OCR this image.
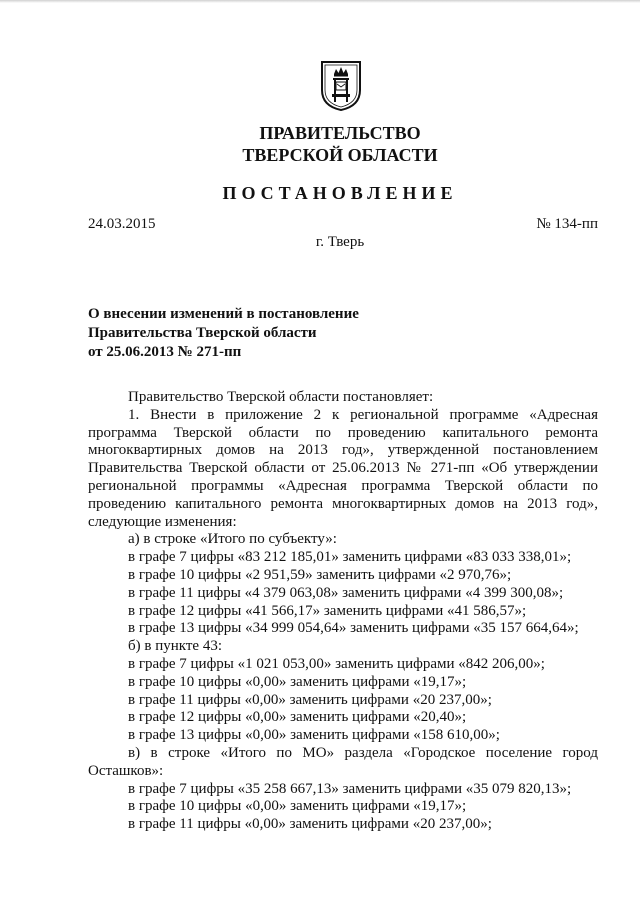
ПРАВИТЕЛЬСТВО
ТВЕРСКОЙ ОБЛАСТИ
ПОСТАНОВЛЕНИЕ
24.03.2015	№ 134-пп
г. Тверь
О внесении изменений в постановление
Правительства Тверской области
от 25.06.2013 № 271-пп
Правительство Тверской области постановляет:
1. Внести в приложение 2 к региональной программе «Адресная
программа Тверской области по проведению капитального ремонта
многоквартирных домов на 2013 год», утвержденной постановлением
Правительства Тверской области от 25.06.2013 № 271-пп «Об утверждении
региональной программы «Адресная программа Тверской области по
проведению капитального ремонта многоквартирных домов на 2013 год»,
следующие изменения:
а) в строке «Итого по субъекту»:
в графе 7 цифры «83 212 185,01» заменить цифрами «83 033 338,01»;
в графе 10 цифры «2 951,59» заменить цифрами «2 970,76»;
в графе 11 цифры «4 379 063,08» заменить цифрами «4 399 300,08»;
в графе 12 цифры «41 566,17» заменить цифрами «41 586,57»;
в графе 13 цифры «34 999 054,64» заменить цифрами «35 157 664,64»;
б) в пункте 43:
в графе 7 цифры «1 021 053,00» заменить цифрами «842 206,00»;
в графе 10 цифры «0,00» заменить цифрами «19,17»;
в графе 11 цифры «0,00» заменить цифрами «20 237,00»;
в графе 12 цифры «0,00» заменить цифрами «20,40»;
в графе 13 цифры «0,00» заменить цифрами «158 610,00»;
в) в строке «Итого по МО» раздела «Городское поселение город
Осташков»:
в графе 7 цифры «35 258 667,13» заменить цифрами «35 079 820,13»;
в графе 10 цифры «0,00» заменить цифрами «19,17»;
в графе 11 цифры «0,00» заменить цифрами «20 237,00»;
